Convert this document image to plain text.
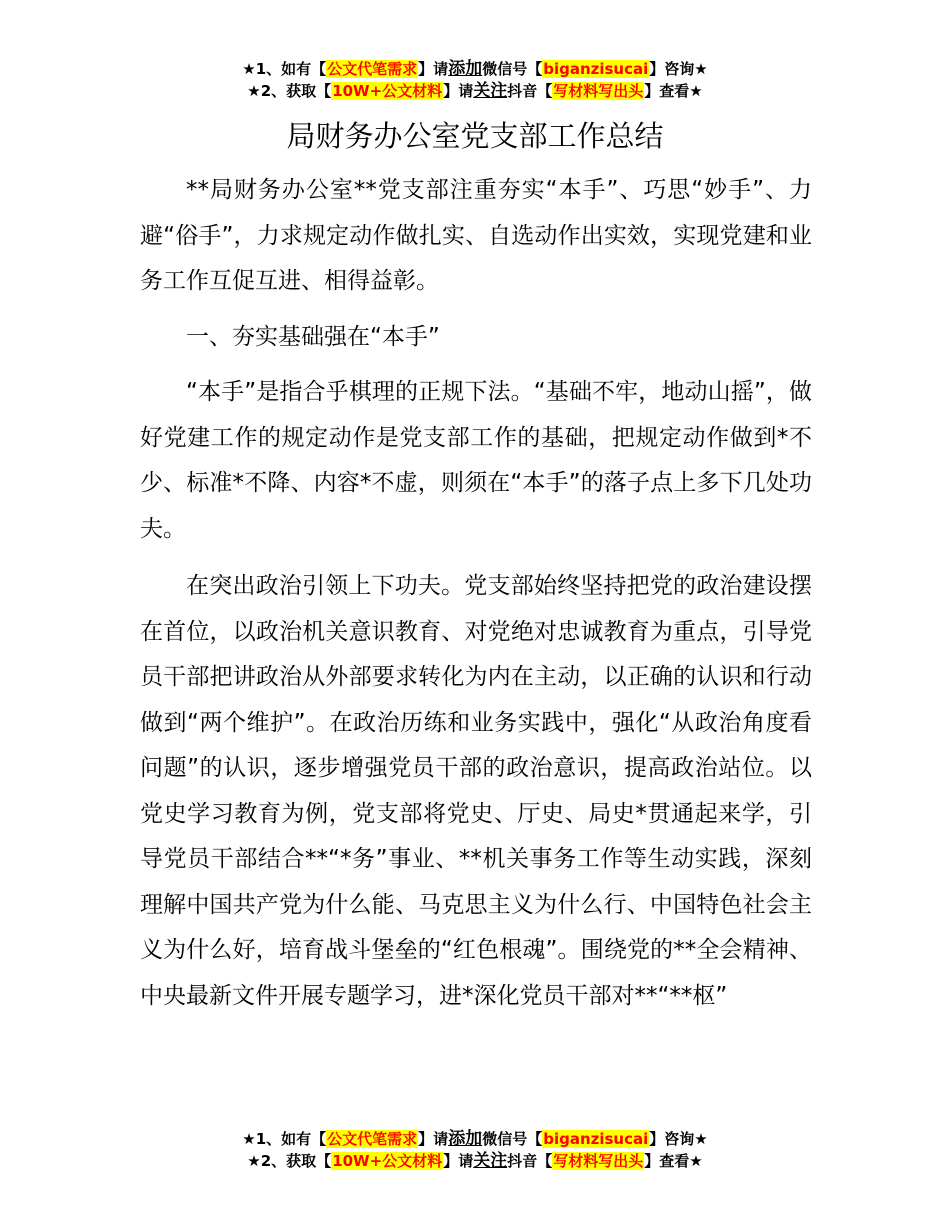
★1、如有【公文代笔需求】请添加微信号【biganzisucai】咨询★
★2、获取【10W+公文材料】请关注抖音【写材料写出头】查看★
局财务办公室党支部工作总结

**局财务办公室**党支部注重夯实“本手”、巧思“妙手”、力避“俗手”，力求规定动作做扎实、自选动作出实效，实现党建和业务工作互促互进、相得益彰。

一、夯实基础强在“本手”

“本手”是指合乎棋理的正规下法。“基础不牢，地动山摇”，做好党建工作的规定动作是党支部工作的基础，把规定动作做到*不少、标准*不降、内容*不虚，则须在“本手”的落子点上多下几处功夫。

在突出政治引领上下功夫。党支部始终坚持把党的政治建设摆在首位，以政治机关意识教育、对党绝对忠诚教育为重点，引导党员干部把讲政治从外部要求转化为内在主动，以正确的认识和行动做到“两个维护”。在政治历练和业务实践中，强化“从政治角度看问题”的认识，逐步增强党员干部的政治意识，提高政治站位。以党史学习教育为例，党支部将党史、厅史、局史*贯通起来学，引导党员干部结合**“*务”事业、**机关事务工作等生动实践，深刻理解中国共产党为什么能、马克思主义为什么行、中国特色社会主义为什么好，培育战斗堡垒的“红色根魂”。围绕党的**全会精神、中央最新文件开展专题学习，进*深化党员干部对**“**枢”

★1、如有【公文代笔需求】请添加微信号【biganzisucai】咨询★
★2、获取【10W+公文材料】请关注抖音【写材料写出头】查看★
